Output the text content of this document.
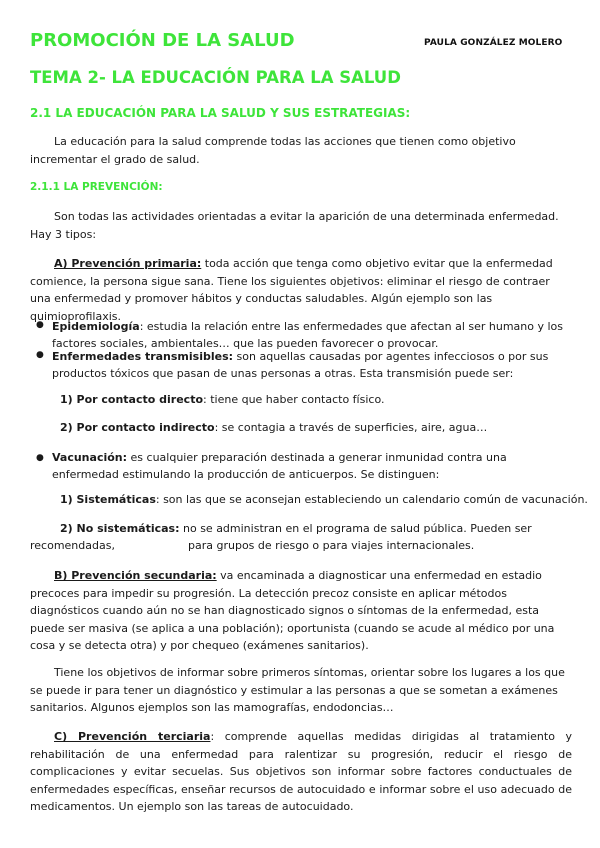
PROMOCIÓN DE LA SALUD	PAULA GONZÁLEZ MOLERO
TEMA 2- LA EDUCACIÓN PARA LA SALUD
2.1 LA EDUCACIÓN PARA LA SALUD Y SUS ESTRATEGIAS:
La educación para la salud comprende todas las acciones que tienen como objetivo incrementar el grado de salud.
2.1.1 LA PREVENCIÓN:
Son todas las actividades orientadas a evitar la aparición de una determinada enfermedad. Hay 3 tipos:
A) Prevención primaria: toda acción que tenga como objetivo evitar que la enfermedad comience, la persona sigue sana. Tiene los siguientes objetivos: eliminar el riesgo de contraer una enfermedad y promover hábitos y conductas saludables. Algún ejemplo son las quimioprofilaxis.
● Epidemiología: estudia la relación entre las enfermedades que afectan al ser humano y los factores sociales, ambientales… que las pueden favorecer o provocar.
● Enfermedades transmisibles: son aquellas causadas por agentes infecciosos o por sus productos tóxicos que pasan de unas personas a otras. Esta transmisión puede ser:
1) Por contacto directo: tiene que haber contacto físico.
2) Por contacto indirecto: se contagia a través de superficies, aire, agua…
● Vacunación: es cualquier preparación destinada a generar inmunidad contra una enfermedad estimulando la producción de anticuerpos. Se distinguen:
1) Sistemáticas: son las que se aconsejan estableciendo un calendario común de vacunación.
2) No sistemáticas: no se administran en el programa de salud pública. Pueden ser
recomendadas,	para grupos de riesgo o para viajes internacionales.
B) Prevención secundaria: va encaminada a diagnosticar una enfermedad en estadio precoces para impedir su progresión. La detección precoz consiste en aplicar métodos diagnósticos cuando aún no se han diagnosticado signos o síntomas de la enfermedad, esta puede ser masiva (se aplica a una población); oportunista (cuando se acude al médico por una cosa y se detecta otra) y por chequeo (exámenes sanitarios).
Tiene los objetivos de informar sobre primeros síntomas, orientar sobre los lugares a los que se puede ir para tener un diagnóstico y estimular a las personas a que se sometan a exámenes sanitarios. Algunos ejemplos son las mamografías, endodoncias…
C) Prevención terciaria: comprende aquellas medidas dirigidas al tratamiento y rehabilitación de una enfermedad para ralentizar su progresión, reducir el riesgo de complicaciones y evitar secuelas. Sus objetivos son informar sobre factores conductuales de enfermedades específicas, enseñar recursos de autocuidado e informar sobre el uso adecuado de medicamentos. Un ejemplo son las tareas de autocuidado.
